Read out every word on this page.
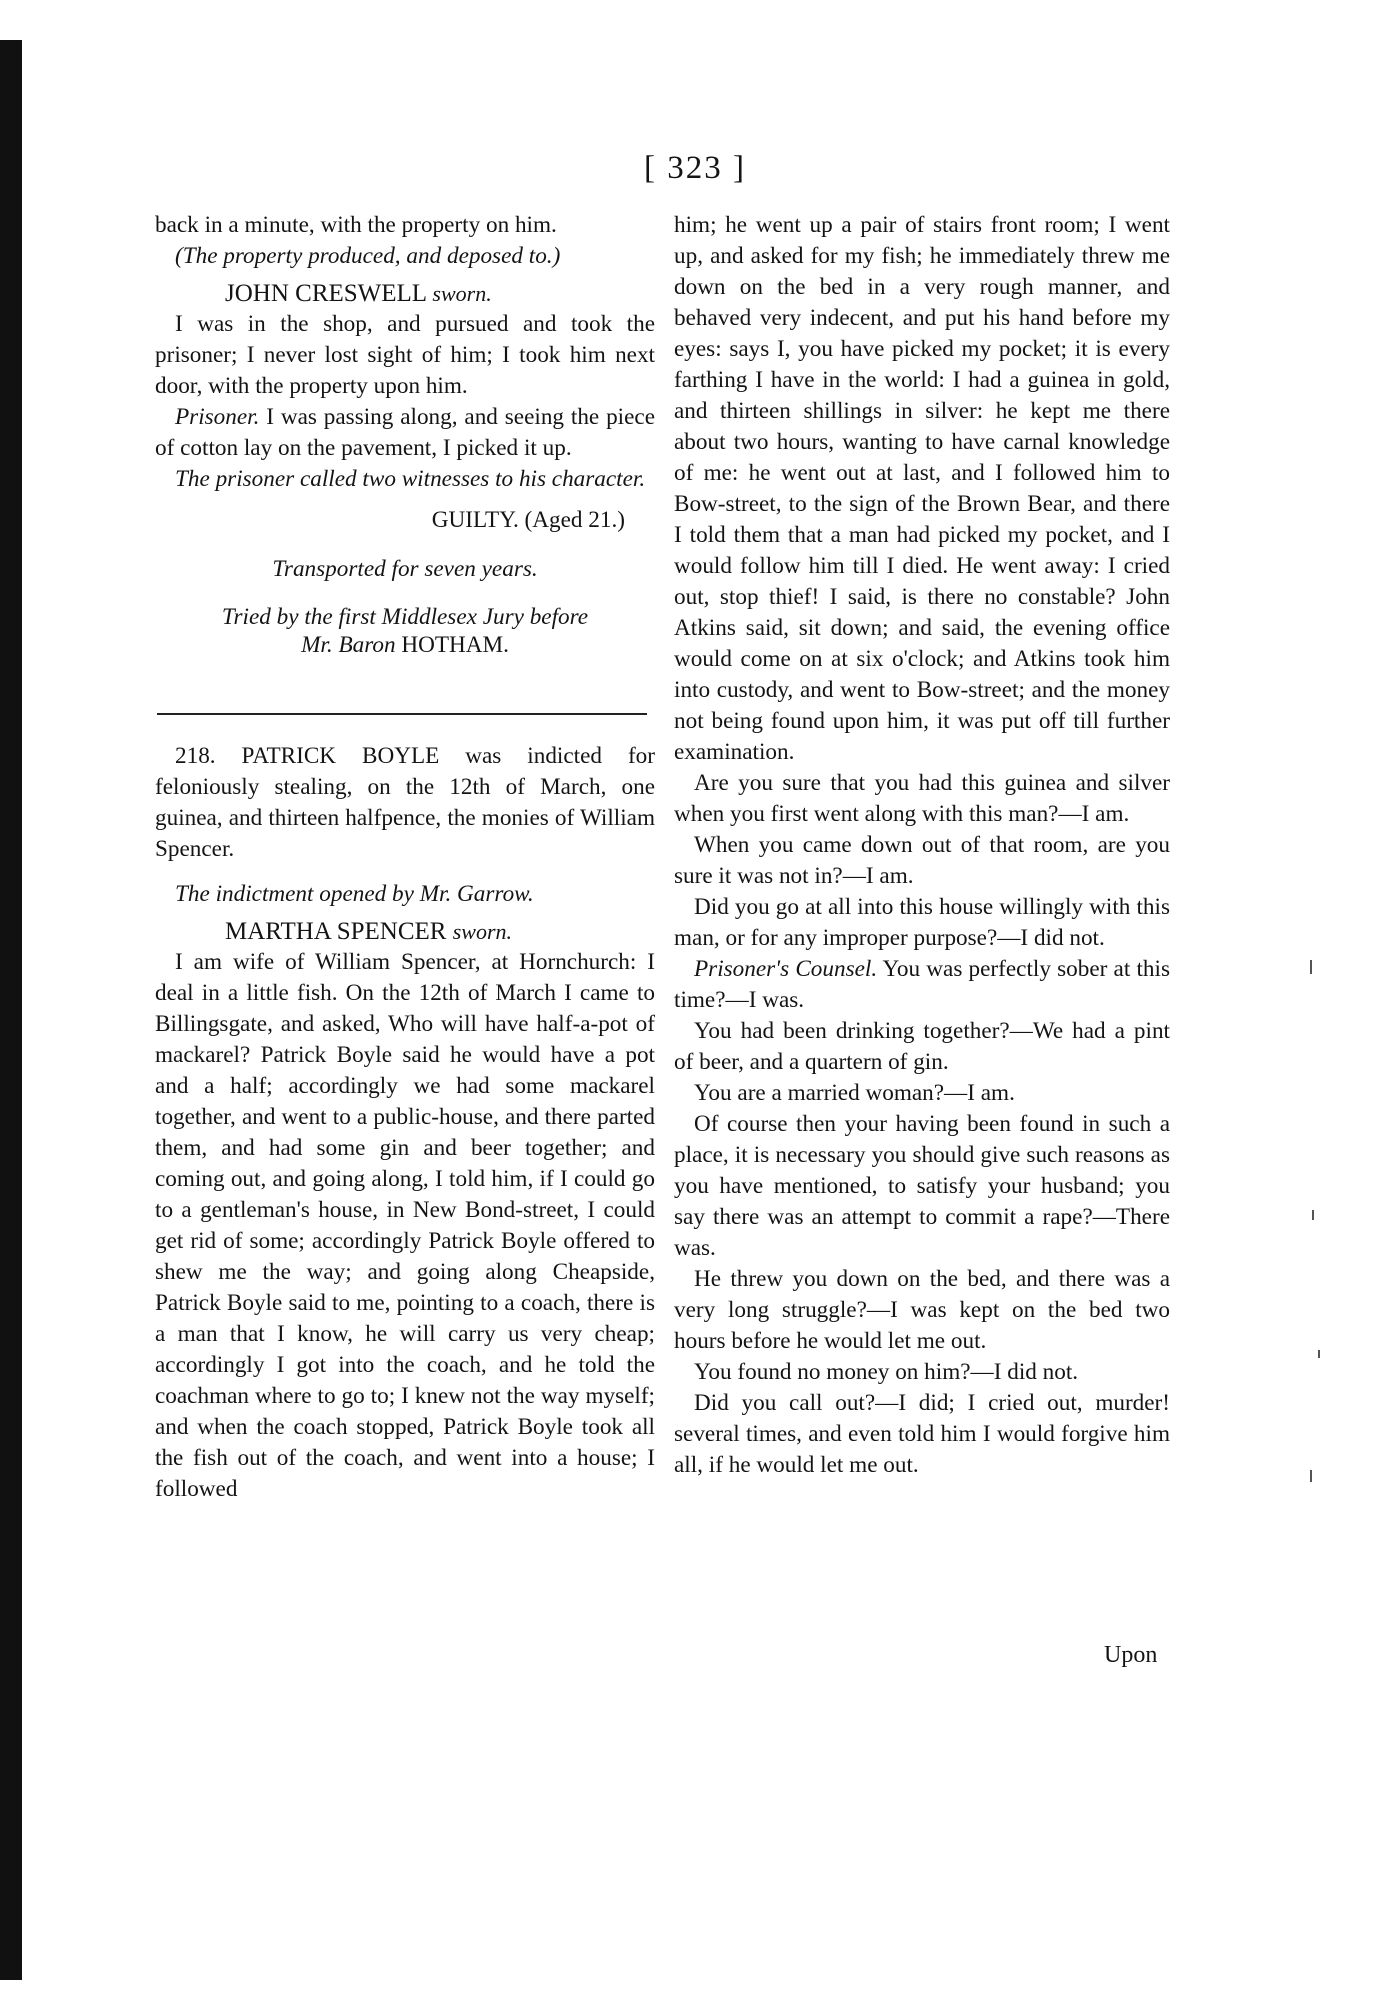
[ 323 ]

back in a minute, with the property on him.

(The property produced, and deposed to.)

JOHN CRESWELL sworn.

I was in the shop, and pursued and took the prisoner; I never lost sight of him; I took him next door, with the property upon him.

Prisoner. I was passing along, and seeing the piece of cotton lay on the pavement, I picked it up.

The prisoner called two witnesses to his character.

GUILTY. (Aged 21.)

Transported for seven years.

Tried by the first Middlesex Jury before
Mr. Baron HOTHAM.

218. PATRICK BOYLE was indicted for feloniously stealing, on the 12th of March, one guinea, and thirteen halfpence, the monies of William Spencer.

The indictment opened by Mr. Garrow.

MARTHA SPENCER sworn.

I am wife of William Spencer, at Hornchurch: I deal in a little fish. On the 12th of March I came to Billingsgate, and asked, Who will have half-a-pot of mackarel? Patrick Boyle said he would have a pot and a half; accordingly we had some mackarel together, and went to a public-house, and there parted them, and had some gin and beer together; and coming out, and going along, I told him, if I could go to a gentleman's house, in New Bond-street, I could get rid of some; accordingly Patrick Boyle offered to shew me the way; and going along Cheapside, Patrick Boyle said to me, pointing to a coach, there is a man that I know, he will carry us very cheap; accordingly I got into the coach, and he told the coachman where to go to; I knew not the way myself; and when the coach stopped, Patrick Boyle took all the fish out of the coach, and went into a house; I followed

him; he went up a pair of stairs front room; I went up, and asked for my fish; he immediately threw me down on the bed in a very rough manner, and behaved very indecent, and put his hand before my eyes: says I, you have picked my pocket; it is every farthing I have in the world: I had a guinea in gold, and thirteen shillings in silver: he kept me there about two hours, wanting to have carnal knowledge of me: he went out at last, and I followed him to Bow-street, to the sign of the Brown Bear, and there I told them that a man had picked my pocket, and I would follow him till I died. He went away: I cried out, stop thief! I said, is there no constable? John Atkins said, sit down; and said, the evening office would come on at six o'clock; and Atkins took him into custody, and went to Bow-street; and the money not being found upon him, it was put off till further examination.

Are you sure that you had this guinea and silver when you first went along with this man?—I am.

When you came down out of that room, are you sure it was not in?—I am.

Did you go at all into this house willingly with this man, or for any improper purpose?—I did not.

Prisoner's Counsel. You was perfectly sober at this time?—I was.

You had been drinking together?—We had a pint of beer, and a quartern of gin.

You are a married woman?—I am.

Of course then your having been found in such a place, it is necessary you should give such reasons as you have mentioned, to satisfy your husband; you say there was an attempt to commit a rape?—There was.

He threw you down on the bed, and there was a very long struggle?—I was kept on the bed two hours before he would let me out.

You found no money on him?—I did not.

Did you call out?—I did; I cried out, murder! several times, and even told him I would forgive him all, if he would let me out.

Upon
